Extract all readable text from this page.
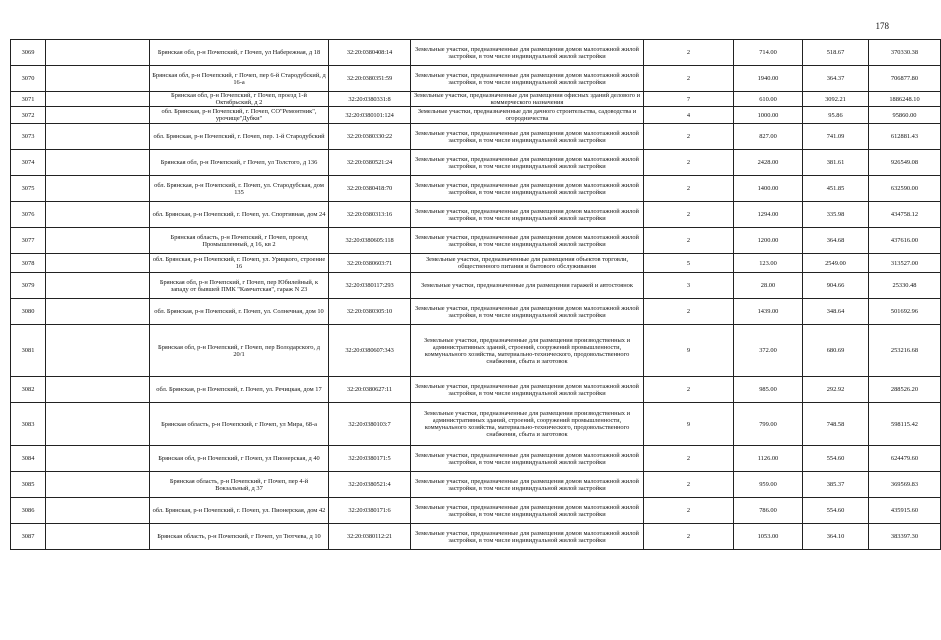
178
3069		Брянская обл, р-н Почепский, г Почеп, ул Набережная, д 18	32:20:0380408:14	Земельные участки, предназначенные для размещения домов малоэтажной жилой застройки, в том числе индивидуальной жилой застройки	2	714.00	518.67	370330.38
3070		Брянская обл, р-н Почепский, г Почеп, пер 6-й Стародубский, д 16-а	32:20:0380351:59	Земельные участки, предназначенные для размещения домов малоэтажной жилой застройки, в том числе индивидуальной жилой застройки	2	1940.00	364.37	706877.80
3071		Брянская обл, р-н Почепский, г Почеп, проезд 1-й Октябрьский, д 2	32:20:0380331:8	Земельные участки, предназначенные для размещения офисных зданий делового и коммерческого назначения	7	610.00	3092.21	1886248.10
3072		обл. Брянская, р-н Почепский, г. Почеп, СО"Ремонтник", урочище"Дубки"	32:20:0380101:124	Земельные участки, предназначенные для дачного строительства, садоводства и огородничества	4	1000.00	95.86	95860.00
3073		обл. Брянская, р-н Почепский, г. Почеп, пер. 1-й Стародубский	32:20:0380330:22	Земельные участки, предназначенные для размещения домов малоэтажной жилой застройки, в том числе индивидуальной жилой застройки	2	827.00	741.09	612881.43
3074		Брянская обл, р-н Почепский, г Почеп, ул Толстого, д 136	32:20:0380521:24	Земельные участки, предназначенные для размещения домов малоэтажной жилой застройки, в том числе индивидуальной жилой застройки	2	2428.00	381.61	926549.08
3075		обл. Брянская, р-н Почепский, г. Почеп, ул. Стародубская, дом 135	32:20:0380418:70	Земельные участки, предназначенные для размещения домов малоэтажной жилой застройки, в том числе индивидуальной жилой застройки	2	1400.00	451.85	632590.00
3076		обл. Брянская, р-н Почепский, г. Почеп, ул. Спортивная, дом 24	32:20:0380313:16	Земельные участки, предназначенные для размещения домов малоэтажной жилой застройки, в том числе индивидуальной жилой застройки	2	1294.00	335.98	434758.12
3077		Брянская область, р-н Почепский, г Почеп, проезд Промышленный, д 16, кв 2	32:20:0380605:118	Земельные участки, предназначенные для размещения домов малоэтажной жилой застройки, в том числе индивидуальной жилой застройки	2	1200.00	364.68	437616.00
3078		обл. Брянская, р-н Почепский, г. Почеп, ул. Урицкого, строение 16	32:20:0380603:71	Земельные участки, предназначенные для размещения объектов торговли, общественного питания и бытового обслуживания	5	123.00	2549.00	313527.00
3079		Брянская обл, р-н Почепский, г Почеп, пер Юбилейный, к западу от бывшей ПМК "Камчатская", гараж N 23	32:20:0380117:293	Земельные участки, предназначенные для размещения гаражей и автостоянок	3	28.00	904.66	25330.48
3080		обл. Брянская, р-н Почепский, г. Почеп, ул. Солнечная, дом 10	32:20:0380305:10	Земельные участки, предназначенные для размещения домов малоэтажной жилой застройки, в том числе индивидуальной жилой застройки	2	1439.00	348.64	501692.96
3081		Брянская обл, р-н Почепский, г Почеп, пер Володарского, д 20/1	32:20:0380607:343	Земельные участки, предназначенные для размещения производственных и административных зданий, строений, сооружений промышленности, коммунального хозяйства, материально-технического, продовольственного снабжения, сбыта и заготовок	9	372.00	680.69	253216.68
3082		обл. Брянская, р-н Почепский, г. Почеп, ул. Речицкая, дом 17	32:20:0380627:11	Земельные участки, предназначенные для размещения домов малоэтажной жилой застройки, в том числе индивидуальной жилой застройки	2	985.00	292.92	288526.20
3083		Брянская область, р-н Почепский, г Почеп, ул Мира, 68-а	32:20:0380103:7	Земельные участки, предназначенные для размещения производственных и административных зданий, строений, сооружений промышленности, коммунального хозяйства, материально-технического, продовольственного снабжения, сбыта и заготовок	9	799.00	748.58	598115.42
3084		Брянская обл, р-н Почепский, г Почеп, ул Пионерская, д 40	32:20:0380171:5	Земельные участки, предназначенные для размещения домов малоэтажной жилой застройки, в том числе индивидуальной жилой застройки	2	1126.00	554.60	624479.60
3085		Брянская область, р-н Почепский, г Почеп, пер 4-й Вокзальный, д 37	32:20:0380521:4	Земельные участки, предназначенные для размещения домов малоэтажной жилой застройки, в том числе индивидуальной жилой застройки	2	959.00	385.37	369569.83
3086		обл. Брянская, р-н Почепский, г. Почеп, ул. Пионерская, дом 42	32:20:0380171:6	Земельные участки, предназначенные для размещения домов малоэтажной жилой застройки, в том числе индивидуальной жилой застройки	2	786.00	554.60	435915.60
3087		Брянская область, р-н Почепский, г Почеп, ул Тютчева, д 10	32:20:0380112:21	Земельные участки, предназначенные для размещения домов малоэтажной жилой застройки, в том числе индивидуальной жилой застройки	2	1053.00	364.10	383397.30
